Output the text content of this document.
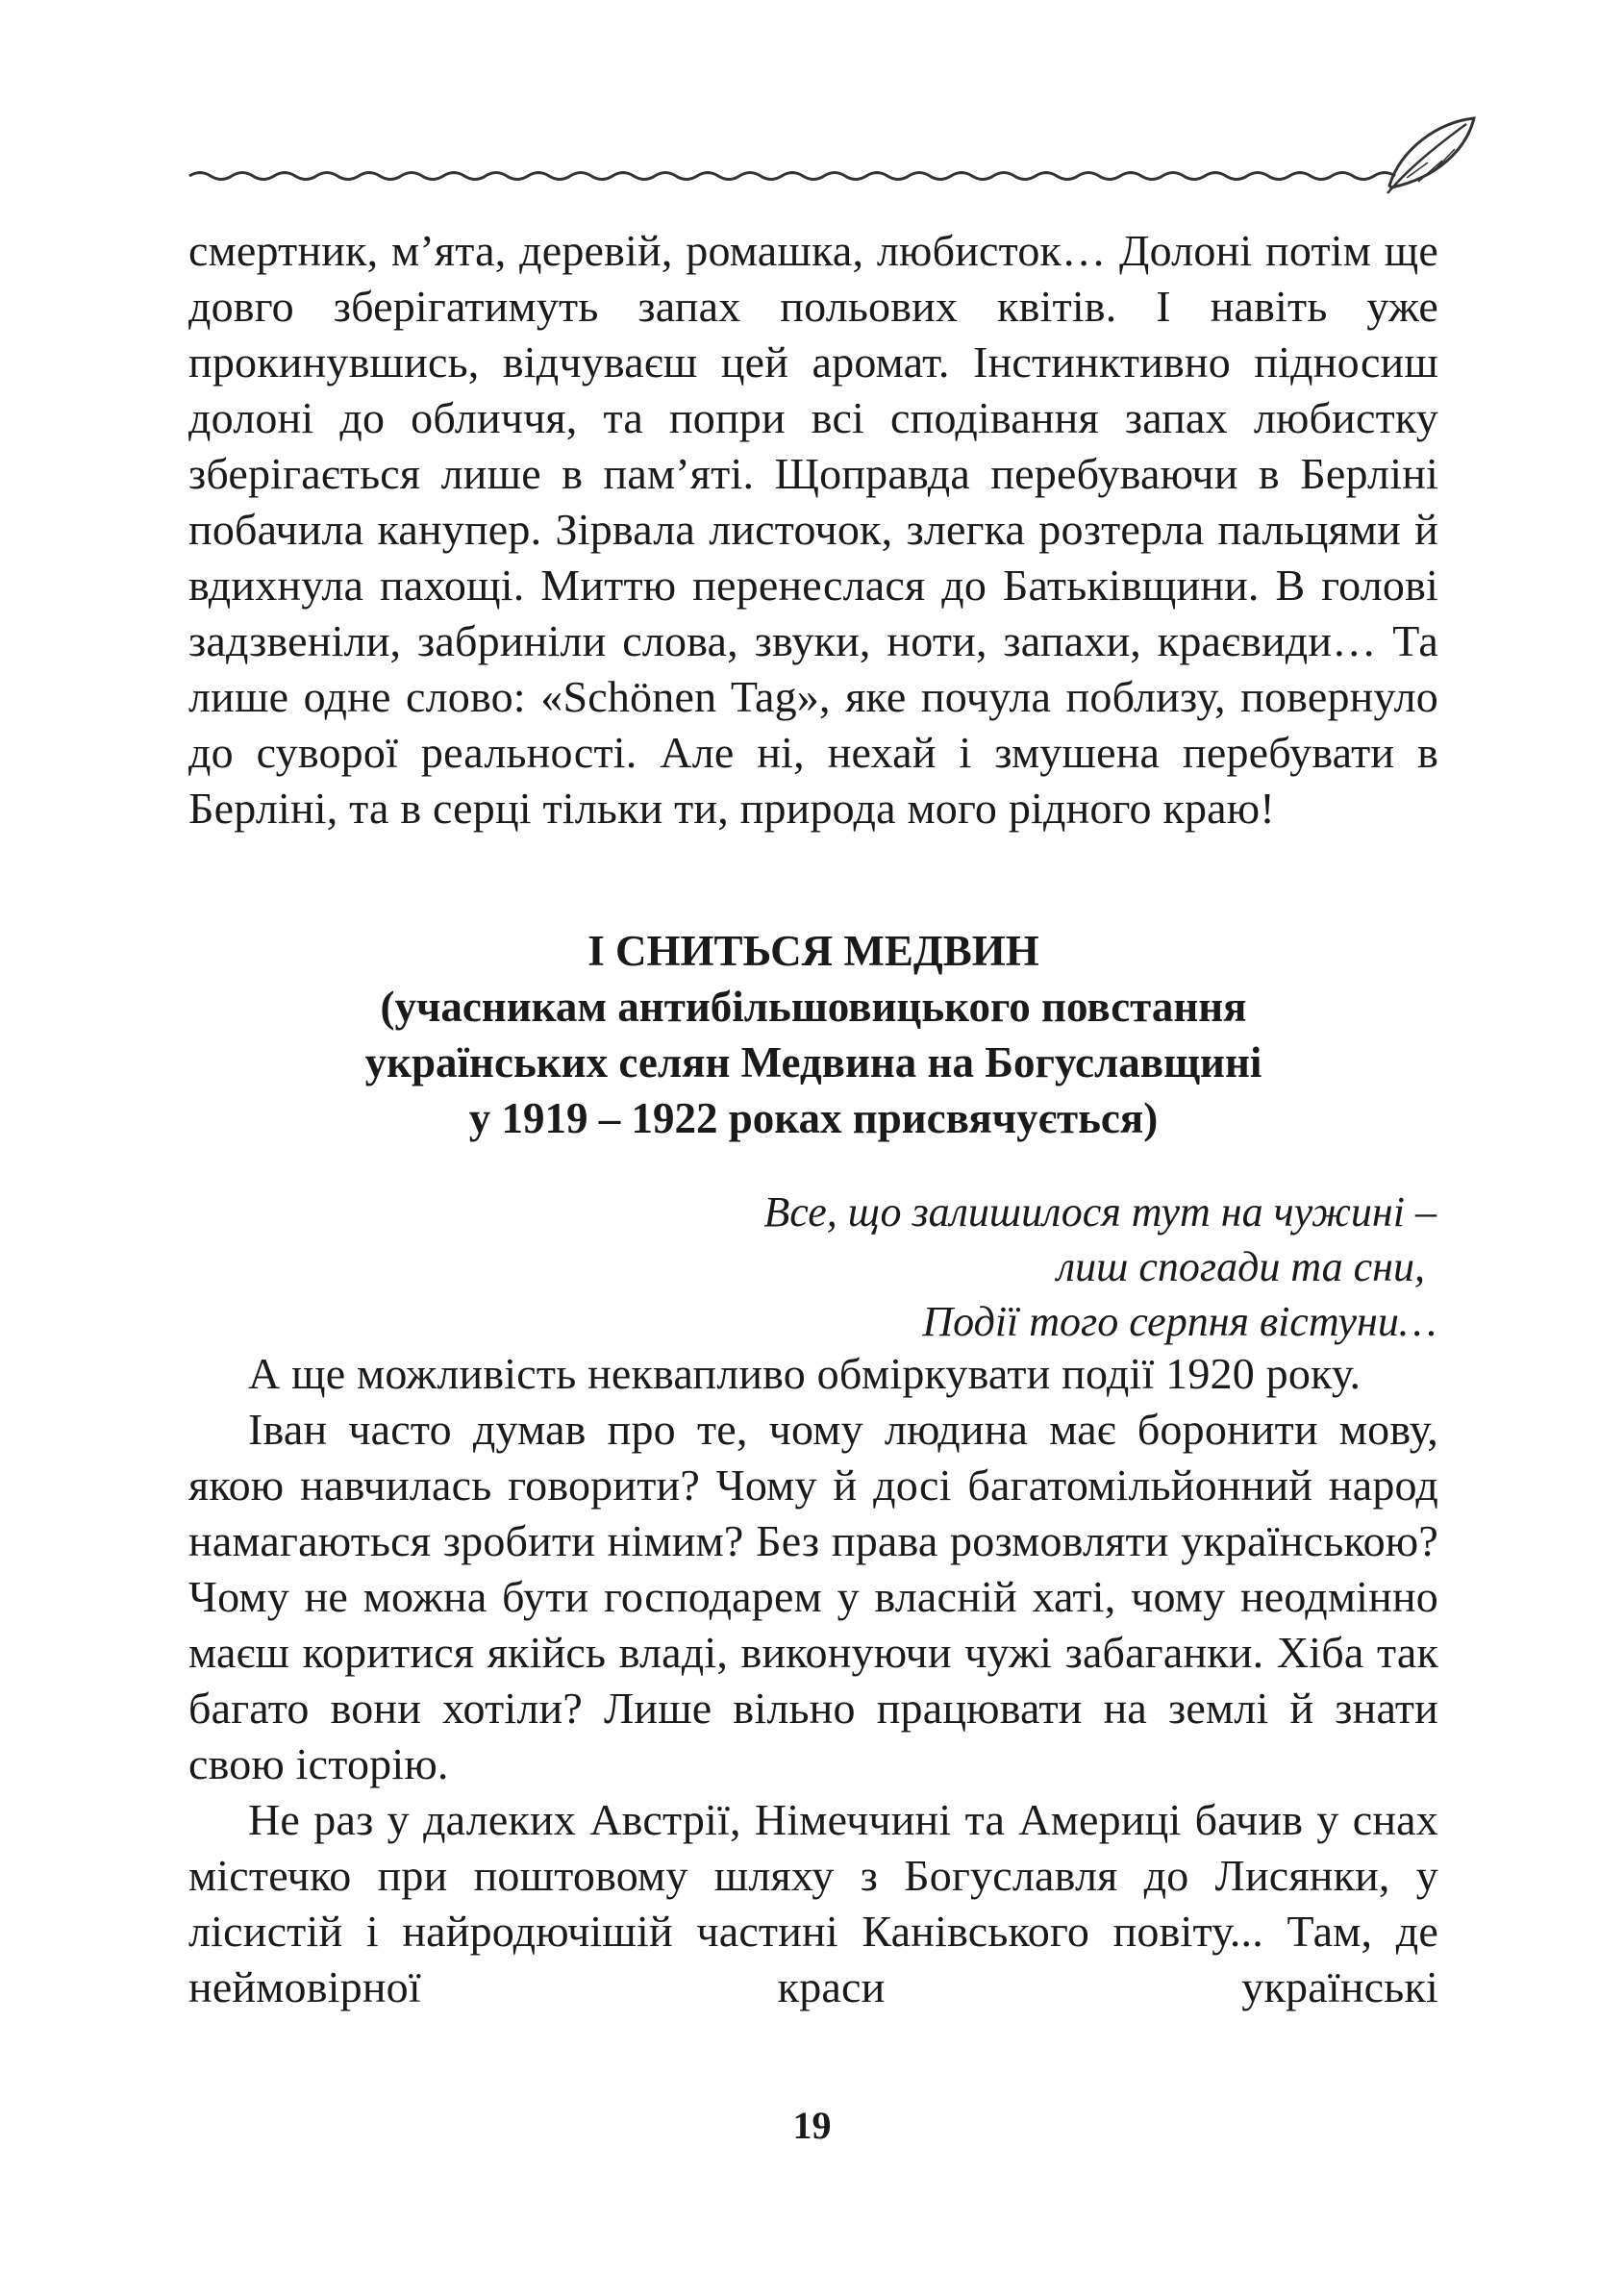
смертник, м’ята, деревій, ромашка, любисток… Долоні потім ще довго зберігатимуть запах польових квітів. І навіть уже прокинувшись, відчуваєш цей аромат. Інстинктивно підносиш долоні до обличчя, та попри всі сподівання запах любистку зберігається лише в пам’яті. Щоправда перебуваючи в Берліні побачила канупер. Зірвала листочок, злегка розтерла пальцями й вдихнула пахощі. Миттю перенеслася до Батьківщини. В голові задзвеніли, забриніли слова, звуки, ноти, запахи, краєвиди… Та лише одне слово: «Schönen Tag», яке почула поблизу, повернуло до суворої реальності. Але ні, нехай і змушена перебувати в Берліні, та в серці тільки ти, природа мого рідного краю!

І СНИТЬСЯ МЕДВИН
(учасникам антибільшовицького повстання
українських селян Медвина на Богуславщині
у 1919 – 1922 роках присвячується)
Все, що залишилося тут на чужині –
лиш спогади та сни,
Події того серпня вістуни…

А ще можливість неквапливо обміркувати події 1920 року.

Іван часто думав про те, чому людина має боронити мову, якою навчилась говорити? Чому й досі багатомільйонний народ намагаються зробити німим? Без права розмовляти українською? Чому не можна бути господарем у власній хаті, чому неодмінно маєш коритися якійсь владі, виконуючи чужі забаганки. Хіба так багато вони хотіли? Лише вільно працювати на землі й знати свою історію.

Не раз у далеких Австрії, Німеччині та Америці бачив у снах містечко при поштовому шляху з Богуславля до Лисянки, у лісистій і найродючішій частині Канівського повіту... Там, де неймовірної краси українські

19
